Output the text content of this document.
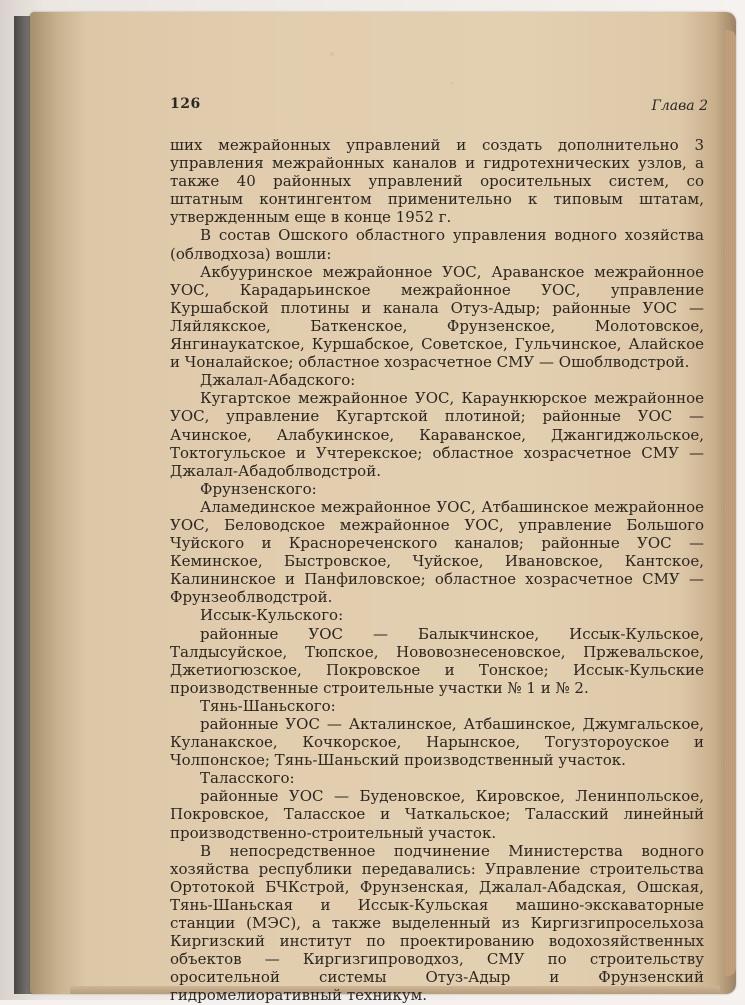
126	Глава 2

ших межрайонных управлений и создать дополнительно 3 управления межрайонных каналов и гидротехнических узлов, а также 40 районных управлений оросительных систем, со штатным контингентом применительно к типовым штатам, утвержденным еще в конце 1952 г.

В состав Ошского областного управления водного хозяйства (облводхоза) вошли:

Акбууринское межрайонное УОС, Араванское межрайонное УОС, Карадарьинское межрайонное УОС, управление Куршабской плотины и канала Отуз-Адыр; районные УОС — Ляйлякское, Баткенское, Фрунзенское, Молотовское, Янгинаукатское, Куршабское, Советское, Гульчинское, Алайское и Чоналайское; областное хозрасчетное СМУ — Ошоблводстрой.

Джалал-Абадского:

Кугартское межрайонное УОС, Караункюрское межрайонное УОС, управление Кугартской плотиной; районные УОС — Ачинское, Алабукинское, Караванское, Джангиджольское, Токтогульское и Учтерекское; областное хозрасчетное СМУ — Джалал-Абадоблводстрой.

Фрунзенского:

Аламединское межрайонное УОС, Атбашинское межрайонное УОС, Беловодское межрайонное УОС, управление Большого Чуйского и Краснореченского каналов; районные УОС — Кеминское, Быстровское, Чуйское, Ивановское, Кантское, Калининское и Панфиловское; областное хозрасчетное СМУ — Фрунзеоблводстрой.

Иссык-Кульского:

районные УОС — Балыкчинское, Иссык-Кульское, Талдысуйское, Тюпское, Нововознесеновское, Пржевальское, Джетиогюзское, Покровское и Тонское; Иссык-Кульские производственные строительные участки № 1 и № 2.

Тянь-Шаньского:

районные УОС — Акталинское, Атбашинское, Джумгальское, Куланакское, Кочкорское, Нарынское, Тогузтороуское и Чолпонское; Тянь-Шаньский производственный участок.

Таласского:

районные УОС — Буденовское, Кировское, Ленинпольское, Покровское, Таласское и Чаткальское; Таласский линейный производственно-строительный участок.

В непосредственное подчинение Министерства водного хозяйства республики передавались: Управление строительства Ортотокой БЧКстрой, Фрунзенская, Джалал-Абадская, Ошская, Тянь-Шаньская и Иссык-Кульская машино-экскаваторные станции (МЭС), а также выделенный из Киргизгипросельхоза Киргизский институт по проектированию водохозяйственных объектов — Киргизгипроводхоз, СМУ по строительству оросительной системы Отуз-Адыр и Фрунзенский гидромелиоративный техникум.
